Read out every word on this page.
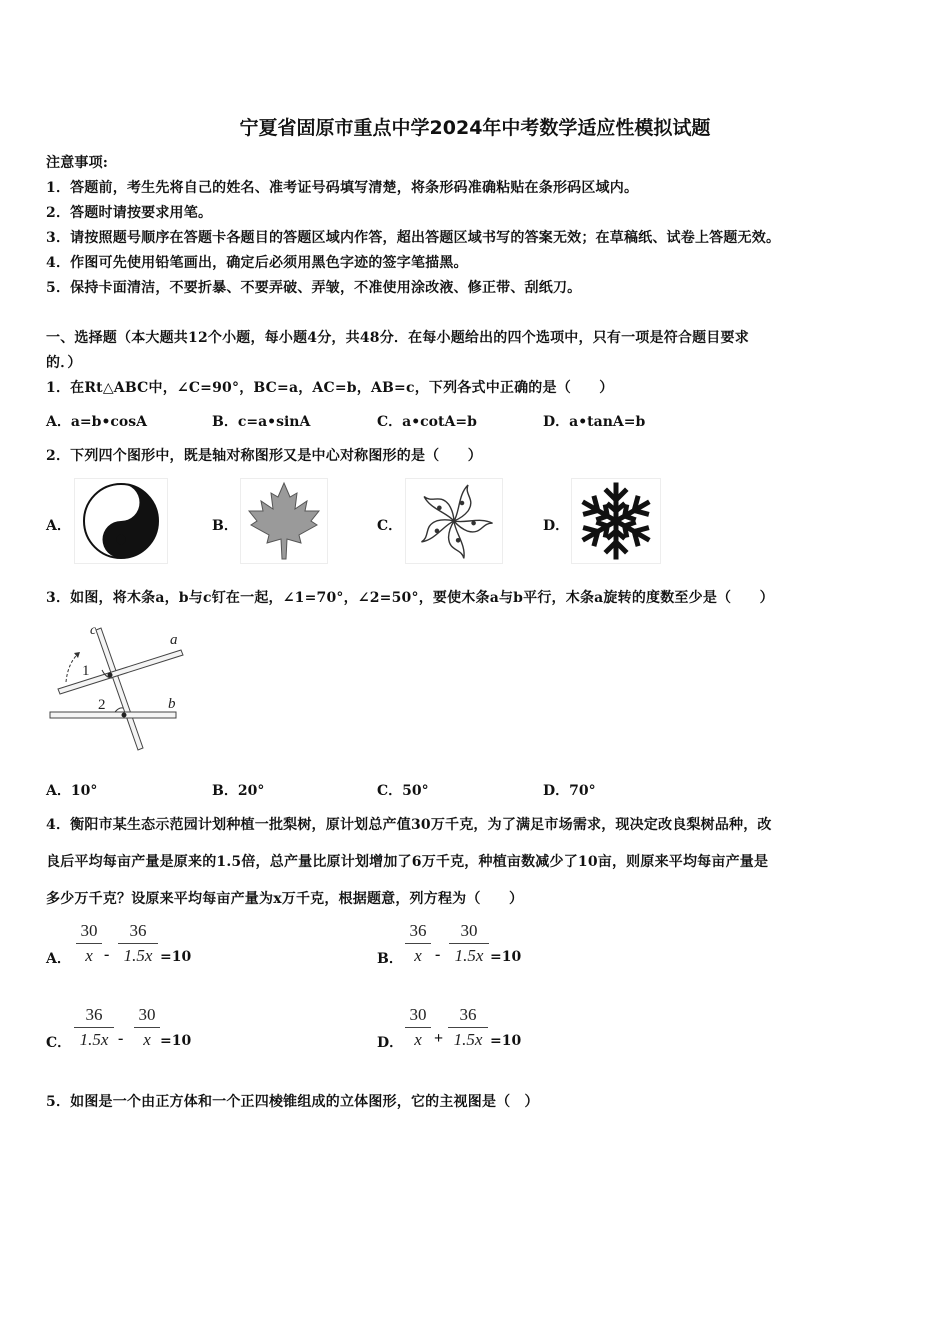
宁夏省固原市重点中学2024年中考数学适应性模拟试题
注意事项:
1．答题前，考生先将自己的姓名、准考证号码填写清楚，将条形码准确粘贴在条形码区域内。
2．答题时请按要求用笔。
3．请按照题号顺序在答题卡各题目的答题区域内作答，超出答题区域书写的答案无效；在草稿纸、试卷上答题无效。
4．作图可先使用铅笔画出，确定后必须用黑色字迹的签字笔描黑。
5．保持卡面清洁，不要折暴、不要弄破、弄皱，不准使用涂改液、修正带、刮纸刀。
一、选择题（本大题共12个小题，每小题4分，共48分．在每小题给出的四个选项中，只有一项是符合题目要求
的．）
1．在Rt△ABC中，∠C=90°，BC=a，AC=b，AB=c，下列各式中正确的是（　　）
A．a=b•cosA	B．c=a•sinA	C．a•cotA=b	D．a•tanA=b
2．下列四个图形中，既是轴对称图形又是中心对称图形的是（　　）
A．	B．	C．	D．
3．如图，将木条a，b与c钉在一起，∠1=70°，∠2=50°，要使木条a与b平行，木条a旋转的度数至少是（　　）
c
a
b
1
2
A．10°	B．20°	C．50°	D．70°
4．衡阳市某生态示范园计划种植一批梨树，原计划总产值30万千克，为了满足市场需求，现决定改良梨树品种，改
良后平均每亩产量是原来的1.5倍，总产量比原计划增加了6万千克，种植亩数减少了10亩，则原来平均每亩产量是
多少万千克？设原来平均每亩产量为x万千克，根据题意，列方程为（　　）
A．
30
x -
36
1.5x =10	B．
36
x -
30
1.5x =10
C．
36
1.5x -
30
x =10	D．
30
x +
36
1.5x =10
5．如图是一个由正方体和一个正四棱锥组成的立体图形，它的主视图是（　）
